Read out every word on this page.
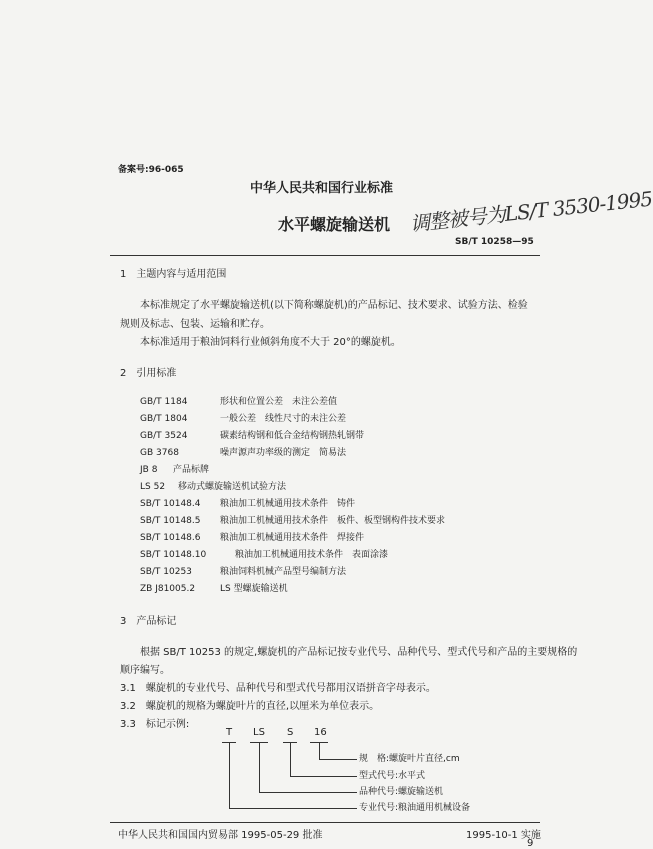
备案号:96-065
中华人民共和国行业标准
水平螺旋输送机 调整被号为LS/T 3530-1995
SB/T 10258—95
1　主题内容与适用范围
本标准规定了水平螺旋输送机(以下简称螺旋机)的产品标记、技术要求、试验方法、检验
规则及标志、包装、运输和贮存。
本标准适用于粮油饲料行业倾斜角度不大于 20°的螺旋机。
2　引用标准
GB/T 1184	形状和位置公差　未注公差值
GB/T 1804	一般公差　线性尺寸的未注公差
GB/T 3524	碳素结构钢和低合金结构钢热轧钢带
GB 3768	噪声源声功率级的测定　简易法
JB 8 产品标牌
LS 52 移动式螺旋输送机试验方法
SB/T 10148.4 粮油加工机械通用技术条件　铸件
SB/T 10148.5 粮油加工机械通用技术条件　板件、板型钢构件技术要求
SB/T 10148.6 粮油加工机械通用技术条件　焊接件
SB/T 10148.10	粮油加工机械通用技术条件　表面涂漆
SB/T 10253	粮油饲料机械产品型号编制方法
ZB J81005.2	LS 型螺旋输送机
3　产品标记
根据 SB/T 10253 的规定,螺旋机的产品标记按专业代号、品种代号、型式代号和产品的主要规格的
顺序编写。
3.1　 螺旋机的专业代号、品种代号和型式代号都用汉语拼音字母表示。
3.2　 螺旋机的规格为螺旋叶片的直径,以厘米为单位表示。
3.3　 标记示例:
T LS S 16
规　格:螺旋叶片直径,cm
型式代号:水平式
品种代号:螺旋输送机
专业代号:粮油通用机械设备
中华人民共和国国内贸易部 1995-05-29 批准	1995-10-1 实施
9
